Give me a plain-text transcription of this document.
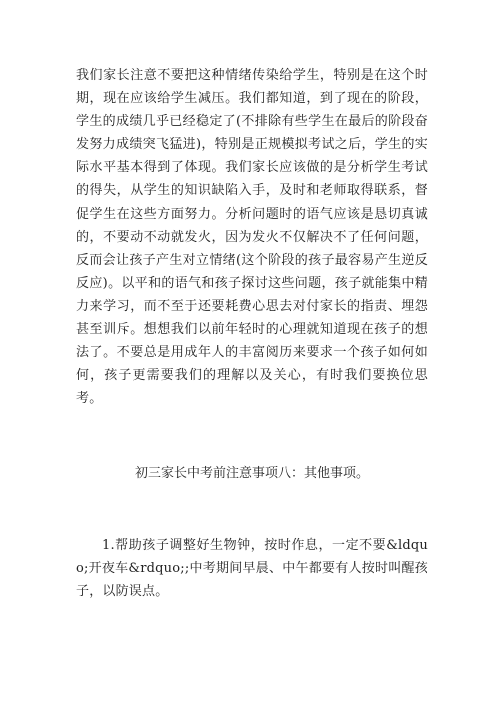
我们家长注意不要把这种情绪传染给学生，特别是在这个时期，现在应该给学生减压。我们都知道，到了现在的阶段，学生的成绩几乎已经稳定了(不排除有些学生在最后的阶段奋发努力成绩突飞猛进)，特别是正规模拟考试之后，学生的实际水平基本得到了体现。我们家长应该做的是分析学生考试的得失，从学生的知识缺陷入手，及时和老师取得联系，督促学生在这些方面努力。分析问题时的语气应该是恳切真诚的，不要动不动就发火，因为发火不仅解决不了任何问题，反而会让孩子产生对立情绪(这个阶段的孩子最容易产生逆反反应)。以平和的语气和孩子探讨这些问题，孩子就能集中精力来学习，而不至于还要耗费心思去对付家长的指责、埋怨甚至训斥。想想我们以前年轻时的心理就知道现在孩子的想法了。不要总是用成年人的丰富阅历来要求一个孩子如何如何，孩子更需要我们的理解以及关心，有时我们要换位思考。

初三家长中考前注意事项八：其他事项。

1.帮助孩子调整好生物钟，按时作息，一定不要&ldquo;开夜车&rdquo;;中考期间早晨、中午都要有人按时叫醒孩子，以防误点。
